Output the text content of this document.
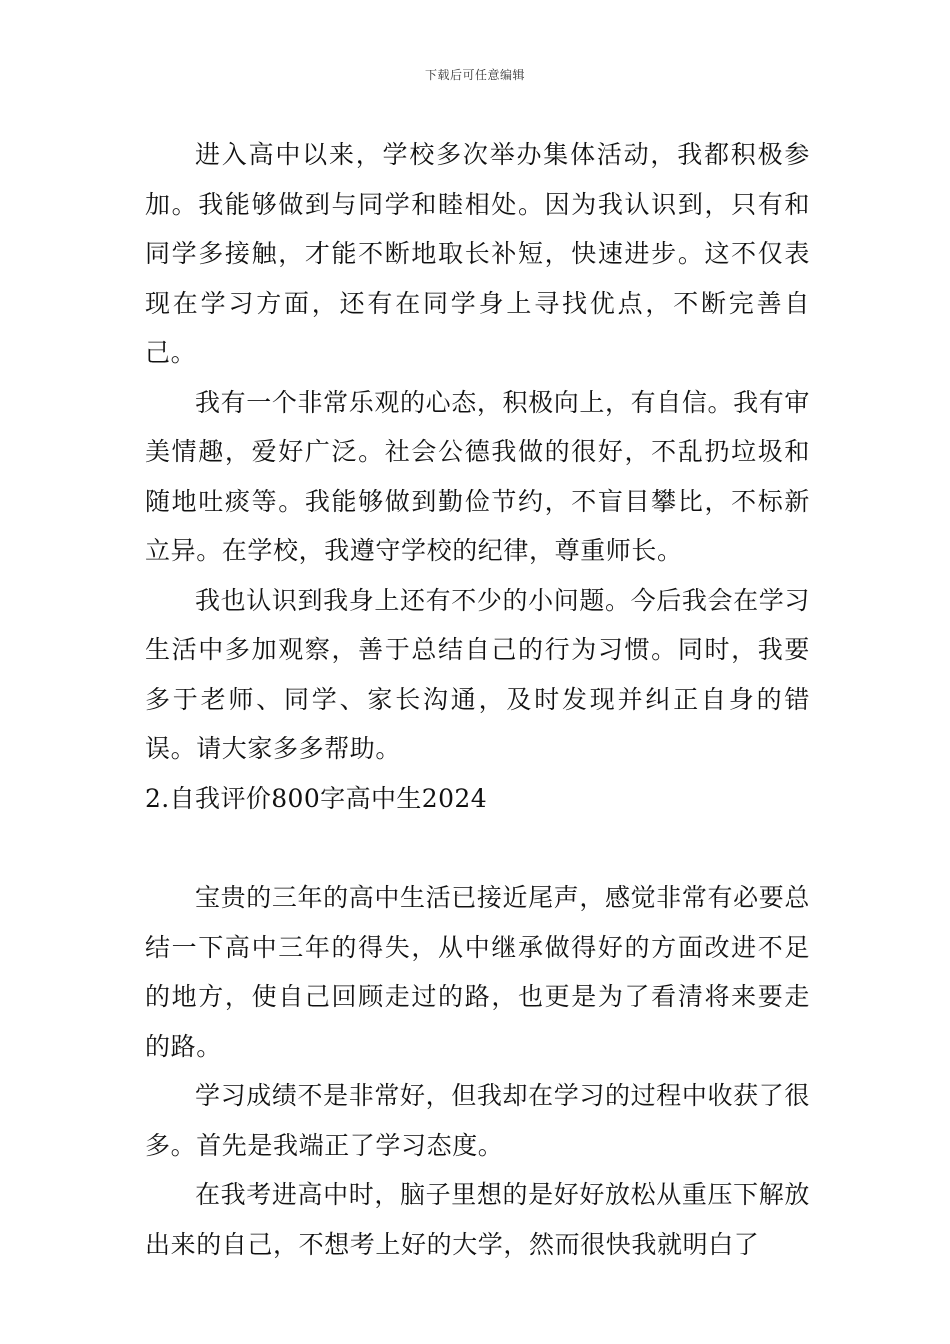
下载后可任意编辑

进入高中以来，学校多次举办集体活动，我都积极参加。我能够做到与同学和睦相处。因为我认识到，只有和同学多接触，才能不断地取长补短，快速进步。这不仅表现在学习方面，还有在同学身上寻找优点，不断完善自己。

我有一个非常乐观的心态，积极向上，有自信。我有审美情趣，爱好广泛。社会公德我做的很好，不乱扔垃圾和随地吐痰等。我能够做到勤俭节约，不盲目攀比，不标新立异。在学校，我遵守学校的纪律，尊重师长。

我也认识到我身上还有不少的小问题。今后我会在学习生活中多加观察，善于总结自己的行为习惯。同时，我要多于老师、同学、家长沟通，及时发现并纠正自身的错误。请大家多多帮助。

2.自我评价800字高中生2024

宝贵的三年的高中生活已接近尾声，感觉非常有必要总结一下高中三年的得失，从中继承做得好的方面改进不足的地方，使自己回顾走过的路，也更是为了看清将来要走的路。

学习成绩不是非常好，但我却在学习的过程中收获了很多。首先是我端正了学习态度。

在我考进高中时，脑子里想的是好好放松从重压下解放出来的自己，不想考上好的大学，然而很快我就明白了
